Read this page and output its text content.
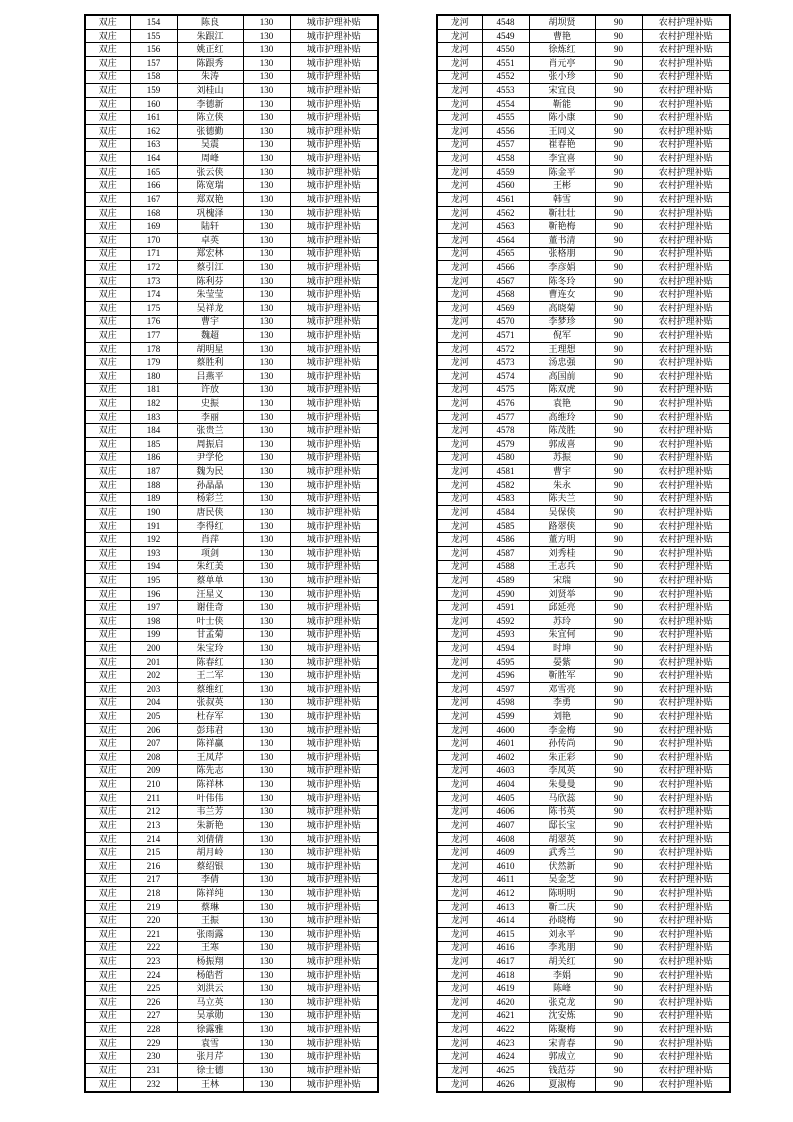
双庄	154	陈良	130	城市护理补贴
双庄	155	朱跟江	130	城市护理补贴
双庄	156	姚正红	130	城市护理补贴
双庄	157	陈跟秀	130	城市护理补贴
双庄	158	朱涛	130	城市护理补贴
双庄	159	刘桂山	130	城市护理补贴
双庄	160	李德新	130	城市护理补贴
双庄	161	陈立侠	130	城市护理补贴
双庄	162	张德勤	130	城市护理补贴
双庄	163	吴震	130	城市护理补贴
双庄	164	周峰	130	城市护理补贴
双庄	165	张云侠	130	城市护理补贴
双庄	166	陈宽瑞	130	城市护理补贴
双庄	167	郑双艳	130	城市护理补贴
双庄	168	巩槐泽	130	城市护理补贴
双庄	169	陆轩	130	城市护理补贴
双庄	170	卓英	130	城市护理补贴
双庄	171	郑宏林	130	城市护理补贴
双庄	172	蔡引江	130	城市护理补贴
双庄	173	陈利芬	130	城市护理补贴
双庄	174	朱莹莹	130	城市护理补贴
双庄	175	吴祥龙	130	城市护理补贴
双庄	176	曹宇	130	城市护理补贴
双庄	177	魏超	130	城市护理补贴
双庄	178	胡明星	130	城市护理补贴
双庄	179	蔡胜利	130	城市护理补贴
双庄	180	吕燕平	130	城市护理补贴
双庄	181	许放	130	城市护理补贴
双庄	182	史振	130	城市护理补贴
双庄	183	李丽	130	城市护理补贴
双庄	184	张贵兰	130	城市护理补贴
双庄	185	周振启	130	城市护理补贴
双庄	186	尹学伦	130	城市护理补贴
双庄	187	魏为民	130	城市护理补贴
双庄	188	孙晶晶	130	城市护理补贴
双庄	189	杨彩兰	130	城市护理补贴
双庄	190	唐民侠	130	城市护理补贴
双庄	191	李得红	130	城市护理补贴
双庄	192	肖萍	130	城市护理补贴
双庄	193	项剑	130	城市护理补贴
双庄	194	朱红美	130	城市护理补贴
双庄	195	蔡单单	130	城市护理补贴
双庄	196	汪星义	130	城市护理补贴
双庄	197	谢佳奇	130	城市护理补贴
双庄	198	叶士侠	130	城市护理补贴
双庄	199	甘孟菊	130	城市护理补贴
双庄	200	朱宝玲	130	城市护理补贴
双庄	201	陈春红	130	城市护理补贴
双庄	202	王二军	130	城市护理补贴
双庄	203	蔡维红	130	城市护理补贴
双庄	204	张叔英	130	城市护理补贴
双庄	205	杜存军	130	城市护理补贴
双庄	206	彭玮君	130	城市护理补贴
双庄	207	陈祥赢	130	城市护理补贴
双庄	208	王凤芹	130	城市护理补贴
双庄	209	陈先志	130	城市护理补贴
双庄	210	陈祥林	130	城市护理补贴
双庄	211	叶伟伟	130	城市护理补贴
双庄	212	韦兰芳	130	城市护理补贴
双庄	213	朱新艳	130	城市护理补贴
双庄	214	刘倩倩	130	城市护理补贴
双庄	215	胡月岭	130	城市护理补贴
双庄	216	蔡绍银	130	城市护理补贴
双庄	217	李倩	130	城市护理补贴
双庄	218	陈祥纯	130	城市护理补贴
双庄	219	蔡琳	130	城市护理补贴
双庄	220	王振	130	城市护理补贴
双庄	221	张雨露	130	城市护理补贴
双庄	222	王寒	130	城市护理补贴
双庄	223	杨振翔	130	城市护理补贴
双庄	224	杨皓哲	130	城市护理补贴
双庄	225	刘洪云	130	城市护理补贴
双庄	226	马立英	130	城市护理补贴
双庄	227	吴承勋	130	城市护理补贴
双庄	228	徐露雅	130	城市护理补贴
双庄	229	袁雪	130	城市护理补贴
双庄	230	张月芹	130	城市护理补贴
双庄	231	徐士德	130	城市护理补贴
双庄	232	王林	130	城市护理补贴
龙河	4548	胡坝贤	90	农村护理补贴
龙河	4549	曹艳	90	农村护理补贴
龙河	4550	徐炼红	90	农村护理补贴
龙河	4551	肖元亭	90	农村护理补贴
龙河	4552	张小珍	90	农村护理补贴
龙河	4553	宋宜良	90	农村护理补贴
龙河	4554	靳能	90	农村护理补贴
龙河	4555	陈小康	90	农村护理补贴
龙河	4556	王同义	90	农村护理补贴
龙河	4557	崔春艳	90	农村护理补贴
龙河	4558	李宜喜	90	农村护理补贴
龙河	4559	陈金平	90	农村护理补贴
龙河	4560	王彬	90	农村护理补贴
龙河	4561	韩雪	90	农村护理补贴
龙河	4562	靳壮壮	90	农村护理补贴
龙河	4563	靳艳梅	90	农村护理补贴
龙河	4564	董书清	90	农村护理补贴
龙河	4565	张格朋	90	农村护理补贴
龙河	4566	李彦娟	90	农村护理补贴
龙河	4567	陈冬玲	90	农村护理补贴
龙河	4568	曹连女	90	农村护理补贴
龙河	4569	高晓菊	90	农村护理补贴
龙河	4570	李梦珍	90	农村护理补贴
龙河	4571	倪军	90	农村护理补贴
龙河	4572	王理想	90	农村护理补贴
龙河	4573	汤忠强	90	农村护理补贴
龙河	4574	高国前	90	农村护理补贴
龙河	4575	陈双虎	90	农村护理补贴
龙河	4576	袁艳	90	农村护理补贴
龙河	4577	高维玲	90	农村护理补贴
龙河	4578	陈茂胜	90	农村护理补贴
龙河	4579	郭成喜	90	农村护理补贴
龙河	4580	苏振	90	农村护理补贴
龙河	4581	曹宇	90	农村护理补贴
龙河	4582	朱永	90	农村护理补贴
龙河	4583	陈夫兰	90	农村护理补贴
龙河	4584	吴保侠	90	农村护理补贴
龙河	4585	路翠侠	90	农村护理补贴
龙河	4586	董方明	90	农村护理补贴
龙河	4587	刘秀桂	90	农村护理补贴
龙河	4588	王志兵	90	农村护理补贴
龙河	4589	宋瑞	90	农村护理补贴
龙河	4590	刘贤举	90	农村护理补贴
龙河	4591	邱延亮	90	农村护理补贴
龙河	4592	苏玲	90	农村护理补贴
龙河	4593	朱宜何	90	农村护理补贴
龙河	4594	时坤	90	农村护理补贴
龙河	4595	晏紫	90	农村护理补贴
龙河	4596	靳胜军	90	农村护理补贴
龙河	4597	邓雪亮	90	农村护理补贴
龙河	4598	李勇	90	农村护理补贴
龙河	4599	刘艳	90	农村护理补贴
龙河	4600	李金梅	90	农村护理补贴
龙河	4601	孙传尚	90	农村护理补贴
龙河	4602	朱正彩	90	农村护理补贴
龙河	4603	李凤英	90	农村护理补贴
龙河	4604	朱曼曼	90	农村护理补贴
龙河	4605	马欣蕊	90	农村护理补贴
龙河	4606	陈书英	90	农村护理补贴
龙河	4607	邸长宝	90	农村护理补贴
龙河	4608	胡翠英	90	农村护理补贴
龙河	4609	武秀兰	90	农村护理补贴
龙河	4610	伏然新	90	农村护理补贴
龙河	4611	吴金芝	90	农村护理补贴
龙河	4612	陈明明	90	农村护理补贴
龙河	4613	靳二庆	90	农村护理补贴
龙河	4614	孙晓梅	90	农村护理补贴
龙河	4615	刘永平	90	农村护理补贴
龙河	4616	李兆朋	90	农村护理补贴
龙河	4617	胡关红	90	农村护理补贴
龙河	4618	李娟	90	农村护理补贴
龙河	4619	陈峰	90	农村护理补贴
龙河	4620	张克龙	90	农村护理补贴
龙河	4621	沈安炼	90	农村护理补贴
龙河	4622	陈聚梅	90	农村护理补贴
龙河	4623	宋青春	90	农村护理补贴
龙河	4624	郭成立	90	农村护理补贴
龙河	4625	钱范芬	90	农村护理补贴
龙河	4626	夏淑梅	90	农村护理补贴
